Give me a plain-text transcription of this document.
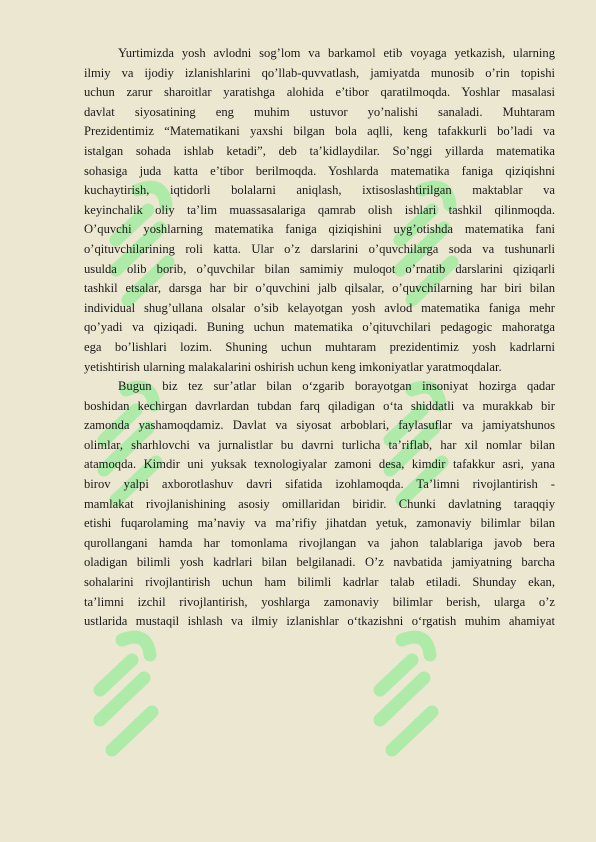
Yurtimizda yosh avlodni sog’lom va barkamol etib voyaga yetkazish, ularning
ilmiy va ijodiy izlanishlarini qo’llab-quvvatlash, jamiyatda munosib o’rin topishi
uchun zarur sharoitlar yaratishga alohida e’tibor qaratilmoqda. Yoshlar masalasi
davlat siyosatining eng muhim ustuvor yo’nalishi sanaladi. Muhtaram
Prezidentimiz “Matematikani yaxshi bilgan bola aqlli, keng tafakkurli bo’ladi va
istalgan sohada ishlab ketadi”, deb ta’kidlaydilar. So’nggi yillarda matematika
sohasiga juda katta e’tibor berilmoqda. Yoshlarda matematika faniga qiziqishni
kuchaytirish, iqtidorli bolalarni aniqlash, ixtisoslashtirilgan maktablar va
keyinchalik oliy ta’lim muassasalariga qamrab olish ishlari tashkil qilinmoqda.
O’quvchi yoshlarning matematika faniga qiziqishini uyg’otishda matematika fani
o’qituvchilarining roli katta. Ular o’z darslarini o’quvchilarga soda va tushunarli
usulda olib borib, o’quvchilar bilan samimiy muloqot o’rnatib darslarini qiziqarli
tashkil etsalar, darsga har bir o’quvchini jalb qilsalar, o’quvchilarning har biri bilan
individual shug’ullana olsalar o’sib kelayotgan yosh avlod matematika faniga mehr
qo’yadi va qiziqadi. Buning uchun matematika o’qituvchilari pedagogic mahoratga
ega bo’lishlari lozim. Shuning uchun muhtaram prezidentimiz yosh kadrlarni
yetishtirish ularning malakalarini oshirish uchun keng imkoniyatlar yaratmoqdalar.
Bugun biz tez sur’atlar bilan o‘zgarib borayotgan insoniyat hozirga qadar
boshidan kechirgan davrlardan tubdan farq qiladigan o‘ta shiddatli va murakkab bir
zamonda yashamoqdamiz. Davlat va siyosat arboblari, faylasuflar va jamiyatshunos
olimlar, sharhlovchi va jurnalistlar bu davrni turlicha ta’riflab, har xil nomlar bilan
atamoqda. Kimdir uni yuksak texnologiyalar zamoni desa, kimdir tafakkur asri, yana
birov yalpi axborotlashuv davri sifatida izohlamoqda. Ta’limni rivojlantirish -
mamlakat rivojlanishining asosiy omillaridan biridir. Chunki davlatning taraqqiy
etishi fuqarolaming ma’naviy va ma’rifiy jihatdan yetuk, zamonaviy bilimlar bilan
qurollangani hamda har tomonlama rivojlangan va jahon talablariga javob bera
oladigan bilimli yosh kadrlari bilan belgilanadi. O’z navbatida jamiyatning barcha
sohalarini rivojlantirish uchun ham bilimli kadrlar talab etiladi. Shunday ekan,
ta’limni izchil rivojlantirish, yoshlarga zamonaviy bilimlar berish, ularga o’z
ustlarida mustaqil ishlash va ilmiy izlanishlar o‘tkazishni o‘rgatish muhim ahamiyat
